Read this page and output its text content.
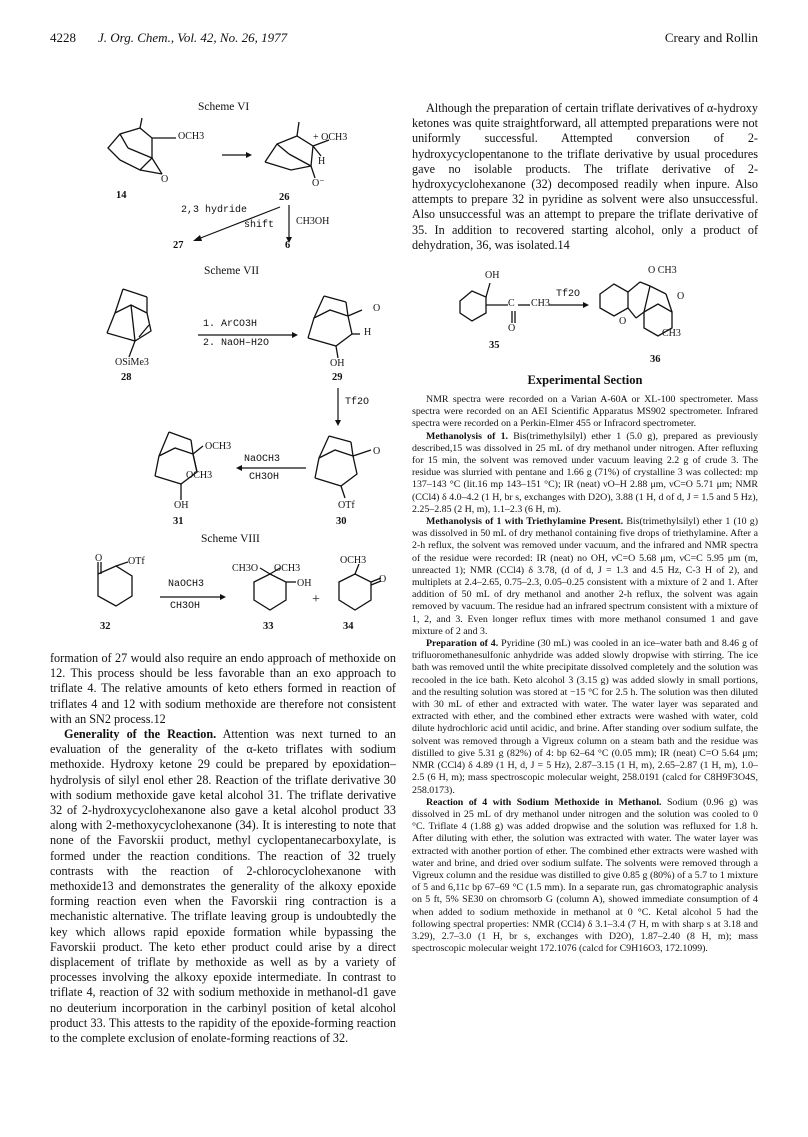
4228 J. Org. Chem., Vol. 42, No. 26, 1977	Creary and Rollin
Scheme VI
OCH3
O
14
+ OCH3
H
O⁻
26
2,3 hydride
shift CH3OH
27	6
Scheme VII
OSiMe3
28
1. ArCO3H
2. NaOH–H2O
O
H
OH
29
Tf2O
O
OTf
30
NaOCH3
CH3OH
OCH3
OCH3
OH
31
Scheme VIII
O	OTf
32
NaOCH3
CH3OH
CH3O OCH3
OH
33
+
OCH3
O
34

formation of 27 would also require an endo approach of methoxide on 12. This process should be less favorable than an exo approach to triflate 4. The relative amounts of keto ethers formed in reaction of triflates 4 and 12 with sodium methoxide are therefore not consistent with an SN2 process.12

Generality of the Reaction. Attention was next turned to an evaluation of the generality of the α-keto triflates with sodium methoxide. Hydroxy ketone 29 could be prepared by epoxidation–hydrolysis of silyl enol ether 28. Reaction of the triflate derivative 30 with sodium methoxide gave ketal alcohol 31. The triflate derivative 32 of 2-hydroxycyclohexanone also gave a ketal alcohol product 33 along with 2-methoxycyclohexanone (34). It is interesting to note that none of the Favorskii product, methyl cyclopentanecarboxylate, is formed under the reaction conditions. The reaction of 32 truely contrasts with the reaction of 2-chlorocyclohexanone with methoxide13 and demonstrates the generality of the alkoxy epoxide forming reaction even when the Favorskii ring contraction is a mechanistic alternative. The triflate leaving group is undoubtedly the key which allows rapid epoxide formation while bypassing the Favorskii product. The keto ether product could arise by a direct displacement of triflate by methoxide as well as by a variety of processes involving the alkoxy epoxide intermediate. In contrast to triflate 4, reaction of 32 with sodium methoxide in methanol-d1 gave no deuterium incorporation in the carbinyl position of ketal alcohol product 33. This attests to the rapidity of the epoxide-forming reaction to the complete exclusion of enolate-forming reactions of 32.

Although the preparation of certain triflate derivatives of α-hydroxy ketones was quite straightforward, all attempted preparations were not uniformly successful. Attempted conversion of 2-hydroxycyclopentanone to the triflate derivative by usual procedures gave no isolable products. The triflate derivative of 2-hydroxycyclohexanone (32) decomposed readily when inpure. Also attempts to prepare 32 in pyridine as solvent were also unsuccessful. Also unsuccessful was an attempt to prepare the triflate derivative of 35. In addition to recovered starting alcohol, only a product of dehydration, 36, was isolated.14

OH
C CH3
O
35
Tf2O
O CH3
O
O
CH3
36

Experimental Section

NMR spectra were recorded on a Varian A-60A or XL-100 spectrometer. Mass spectra were recorded on an AEI Scientific Apparatus MS902 spectrometer. Infrared spectra were recorded on a Perkin-Elmer 455 or Infracord spectrometer.

Methanolysis of 1. Bis(trimethylsilyl) ether 1 (5.0 g), prepared as previously described,15 was dissolved in 25 mL of dry methanol under nitrogen. After refluxing for 15 min, the solvent was removed under vacuum leaving 2.2 g of crude 3. The residue was slurried with pentane and 1.66 g (71%) of crystalline 3 was collected: mp 137–143 °C (lit.16 mp 143–151 °C); IR (neat) νO–H 2.88 μm, νC=O 5.71 μm; NMR (CCl4) δ 4.0–4.2 (1 H, br s, exchanges with D2O), 3.88 (1 H, d of d, J = 1.5 and 5 Hz), 2.25–2.85 (2 H, m), 1.1–2.3 (6 H, m).

Methanolysis of 1 with Triethylamine Present. Bis(trimethylsilyl) ether 1 (10 g) was dissolved in 50 mL of dry methanol containing five drops of triethylamine. After a 2-h reflux, the solvent was removed under vacuum, and the infrared and NMR spectra of the residue were recorded: IR (neat) no OH, νC=O 5.68 μm, νC=C 5.95 μm (m, unreacted 1); NMR (CCl4) δ 3.78, (d of d, J = 1.3 and 4.5 Hz, C-3 H of 2), and multiplets at 2.4–2.65, 0.75–2.3, 0.05–0.25 consistent with a mixture of 2 and 1. After addition of 50 mL of dry methanol and another 2-h reflux, the solvent was again removed by vacuum. The residue had an infrared spectrum consistent with a mixture of 1, 2, and 3. Even longer reflux times with more methanol consumed 1 and gave mixture of 2 and 3.

Preparation of 4. Pyridine (30 mL) was cooled in an ice–water bath and 8.46 g of trifluoromethanesulfonic anhydride was added slowly dropwise with stirring. The ice bath was removed until the white precipitate dissolved completely and the solution was recooled in the ice bath. Keto alcohol 3 (3.15 g) was added slowly in small portions, and the resulting solution was stored at −15 °C for 2.5 h. The solution was then diluted with 30 mL of ether and extracted with water. The water layer was separated and extracted with ether, and the combined ether extracts were washed with water, cold dilute hydrochloric acid until acidic, and brine. After standing over sodium sulfate, the solvent was removed through a Vigreux column on a steam bath and the residue was distilled to give 5.31 g (82%) of 4: bp 62–64 °C (0.05 mm); IR (neat) C=O 5.64 μm; NMR (CCl4) δ 4.89 (1 H, d, J = 5 Hz), 2.87–3.15 (1 H, m), 2.65–2.87 (1 H, m), 1.0–2.5 (6 H, m); mass spectroscopic molecular weight, 258.0191 (calcd for C8H9F3O4S, 258.0173).

Reaction of 4 with Sodium Methoxide in Methanol. Sodium (0.96 g) was dissolved in 25 mL of dry methanol under nitrogen and the solution was cooled to 0 °C. Triflate 4 (1.88 g) was added dropwise and the solution was refluxed for 1.8 h. After diluting with ether, the solution was extracted with water. The water layer was extracted with another portion of ether. The combined ether extracts were washed with water and brine, and dried over sodium sulfate. The solvents were removed through a Vigreux column and the residue was distilled to give 0.85 g (80%) of a 5.7 to 1 mixture of 5 and 6,11c bp 67–69 °C (1.5 mm). In a separate run, gas chromatographic analysis on 5 ft, 5% SE30 on chromsorb G (column A), showed immediate consumption of 4 when added to sodium methoxide in methanol at 0 °C. Ketal alcohol 5 had the following spectral properties: NMR (CCl4) δ 3.1–3.4 (7 H, m with sharp s at 3.18 and 3.29), 2.7–3.0 (1 H, br s, exchanges with D2O), 1.87–2.40 (8 H, m); mass spectroscopic molecular weight 172.1076 (calcd for C9H16O3, 172.1099).
